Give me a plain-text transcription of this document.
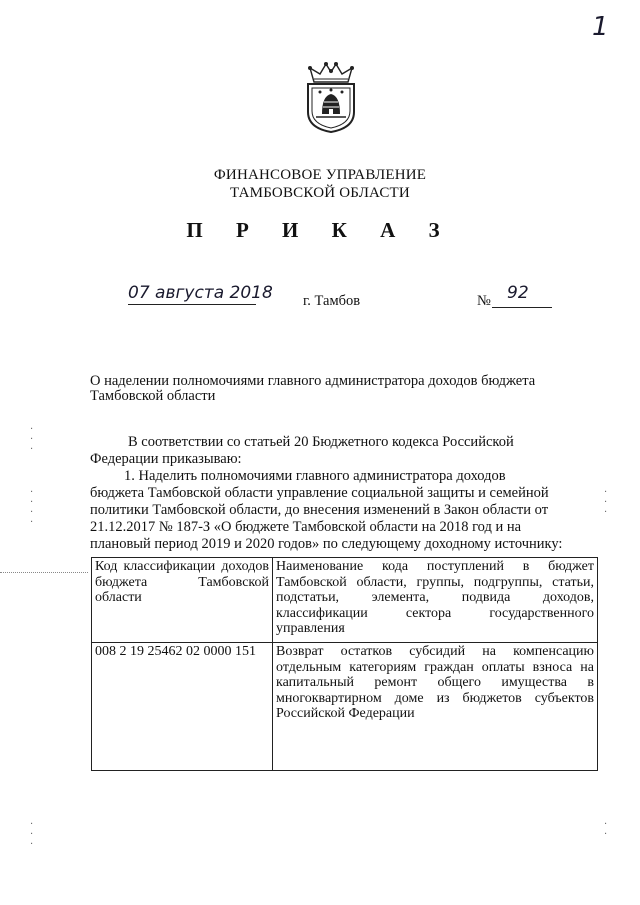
1
ФИНАНСОВОЕ УПРАВЛЕНИЕ
ТАМБОВСКОЙ ОБЛАСТИ
П Р И К А З
07 августа 2018 г. Тамбов	№ 92
О наделении полномочиями главного администратора доходов бюджета
Тамбовской области
В соответствии со статьей 20 Бюджетного кодекса Российской
Федерации приказываю:
1. Наделить полномочиями главного администратора доходов
бюджета Тамбовской области управление социальной защиты и семейной
политики Тамбовской области, до внесения изменений в Закон области от
21.12.2017 № 187-З «О бюджете Тамбовской области на 2018 год и на
плановый период 2019 и 2020 годов» по следующему доходному источнику:
Код классификации доходов бюджета Тамбовской области	Наименование кода поступлений в бюджет Тамбовской области, группы, подгруппы, статьи, подстатьи, элемента, подвида доходов, классификации сектора государственного управления

008 2 19 25462 02 0000 151	Возврат остатков субсидий на компенсацию отдельным категориям граждан оплаты взноса на капитальный ремонт общего имущества в многоквартирном доме из бюджетов субъектов Российской Федерации
·
·
·
·
·
·
·
·
·
·
·
·
·
·
·
